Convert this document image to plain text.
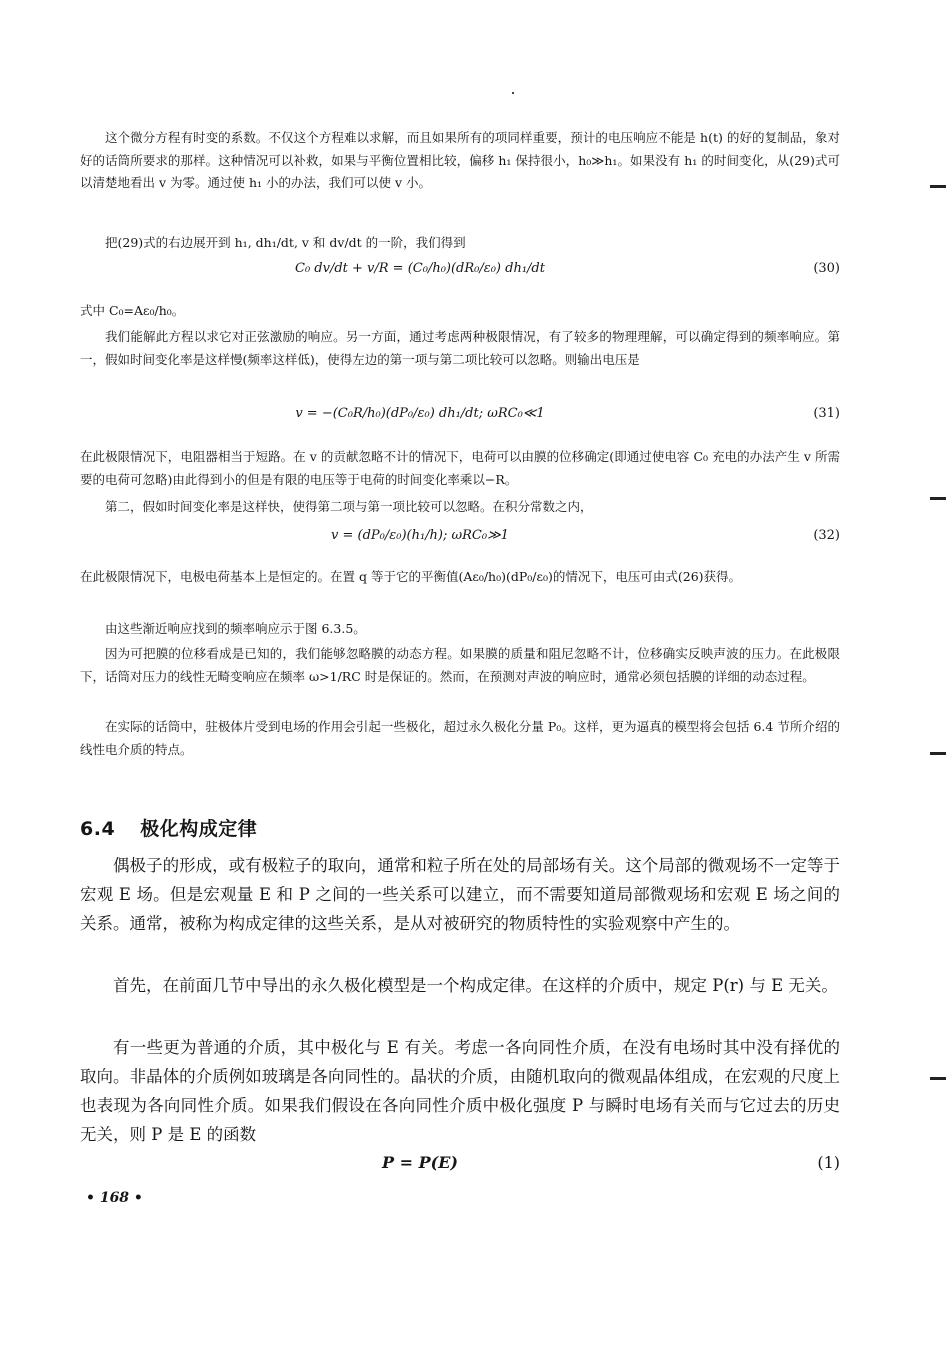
这个微分方程有时变的系数。不仅这个方程难以求解，而且如果所有的项同样重要，预计的电压响应不能是 h(t) 的好的复制品，象对好的话筒所要求的那样。这种情况可以补救，如果与平衡位置相比较，偏移 h₁ 保持很小，h₀≫h₁。如果没有 h₁ 的时间变化，从(29)式可以清楚地看出 v 为零。通过使 h₁ 小的办法，我们可以使 v 小。

把(29)式的右边展开到 h₁, dh₁/dt, v 和 dv/dt 的一阶，我们得到

C₀ dv/dt + v/R = (C₀/h₀)(dR₀/ε₀) dh₁/dt	(30)

式中 C₀=Aε₀/h₀。

我们能解此方程以求它对正弦激励的响应。另一方面，通过考虑两种极限情况，有了较多的物理理解，可以确定得到的频率响应。第一，假如时间变化率是这样慢(频率这样低)，使得左边的第一项与第二项比较可以忽略。则输出电压是

v = −(C₀R/h₀)(dP₀/ε₀) dh₁/dt; ωRC₀≪1	(31)

在此极限情况下，电阻器相当于短路。在 v 的贡献忽略不计的情况下，电荷可以由膜的位移确定(即通过使电容 C₀ 充电的办法产生 v 所需要的电荷可忽略)由此得到小的但是有限的电压等于电荷的时间变化率乘以−R。

第二，假如时间变化率是这样快，使得第二项与第一项比较可以忽略。在积分常数之内，

v = (dP₀/ε₀)(h₁/h); ωRC₀≫1	(32)

在此极限情况下，电极电荷基本上是恒定的。在置 q 等于它的平衡值(Aε₀/h₀)(dP₀/ε₀)的情况下，电压可由式(26)获得。

由这些渐近响应找到的频率响应示于图 6.3.5。

因为可把膜的位移看成是已知的，我们能够忽略膜的动态方程。如果膜的质量和阻尼忽略不计，位移确实反映声波的压力。在此极限下，话筒对压力的线性无畸变响应在频率 ω>1/RC 时是保证的。然而，在预测对声波的响应时，通常必须包括膜的详细的动态过程。

在实际的话筒中，驻极体片受到电场的作用会引起一些极化，超过永久极化分量 P₀。这样，更为逼真的模型将会包括 6.4 节所介绍的线性电介质的特点。

6.4 极化构成定律

偶极子的形成，或有极粒子的取向，通常和粒子所在处的局部场有关。这个局部的微观场不一定等于宏观 E 场。但是宏观量 E 和 P 之间的一些关系可以建立，而不需要知道局部微观场和宏观 E 场之间的关系。通常，被称为构成定律的这些关系，是从对被研究的物质特性的实验观察中产生的。

首先，在前面几节中导出的永久极化模型是一个构成定律。在这样的介质中，规定 P(r) 与 E 无关。

有一些更为普通的介质，其中极化与 E 有关。考虑一各向同性介质，在没有电场时其中没有择优的取向。非晶体的介质例如玻璃是各向同性的。晶状的介质，由随机取向的微观晶体组成，在宏观的尺度上也表现为各向同性介质。如果我们假设在各向同性介质中极化强度 P 与瞬时电场有关而与它过去的历史无关，则 P 是 E 的函数

P = P(E)	(1)
• 168 •
